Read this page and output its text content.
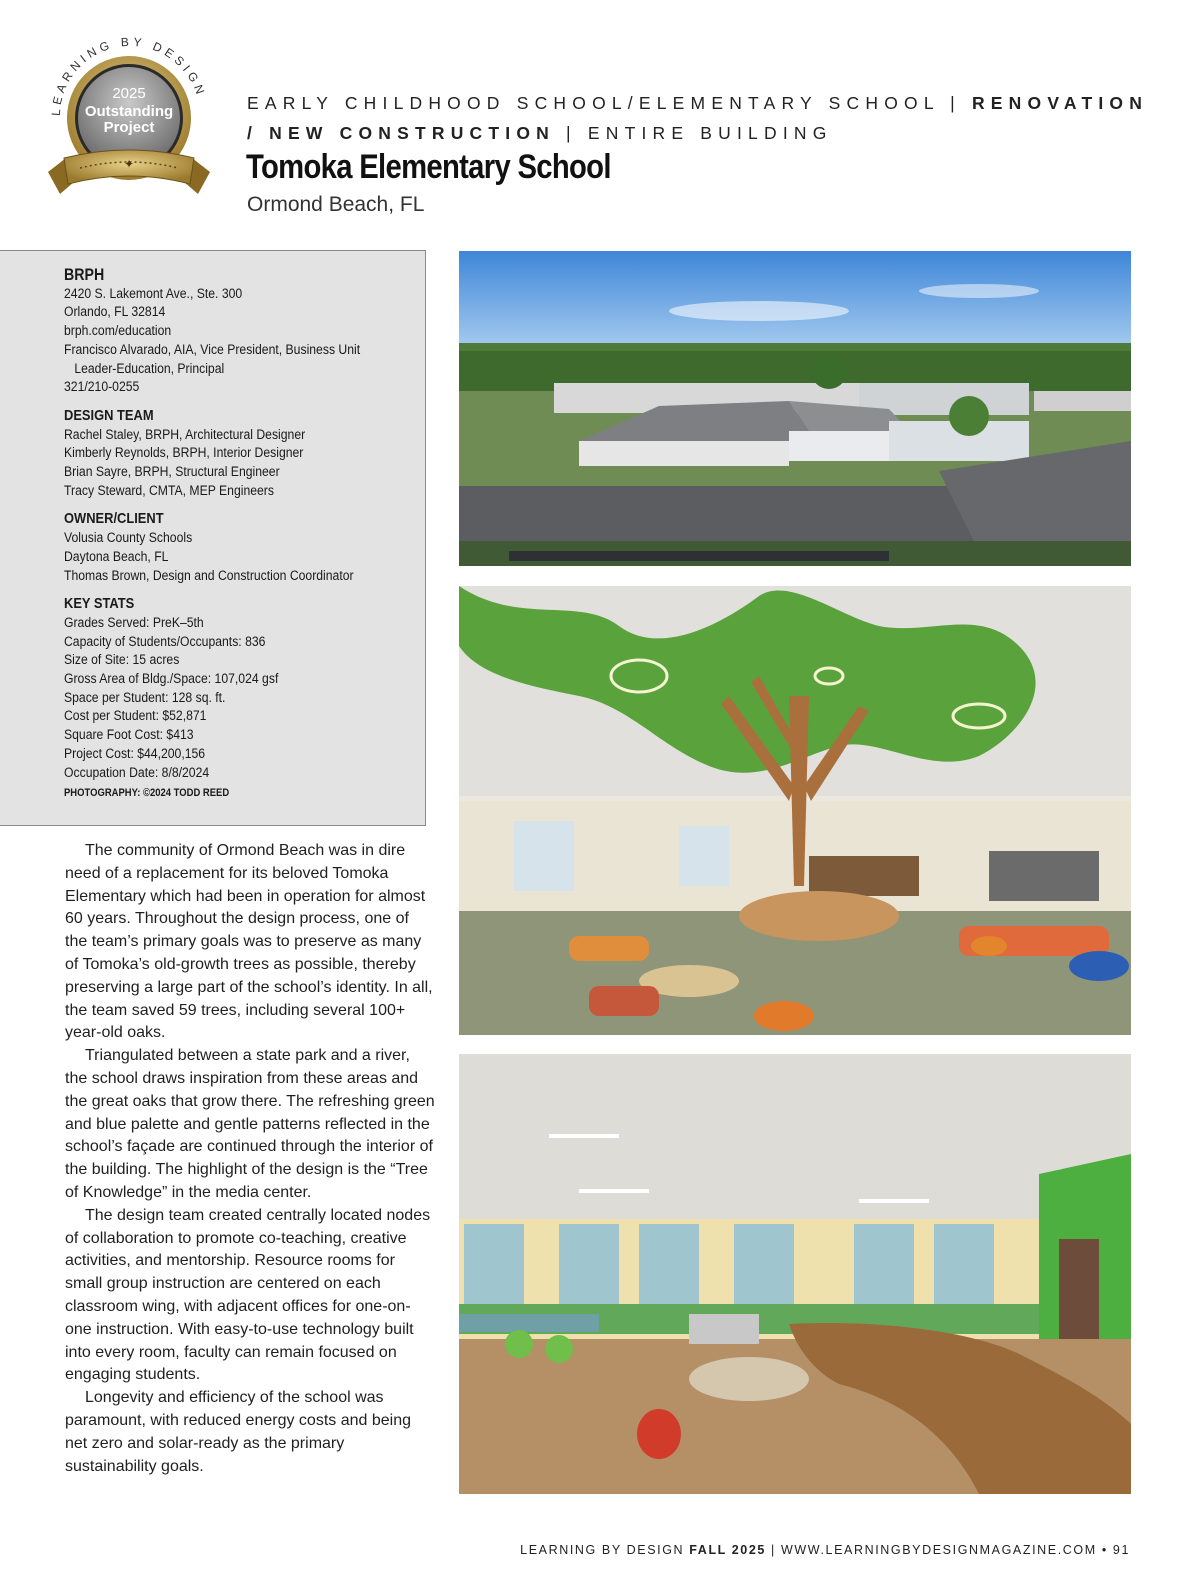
LEARNING BY DESIGN
2025
Outstanding
Project
✦
EARLY CHILDHOOD SCHOOL/ELEMENTARY SCHOOL | RENOVATION / NEW CONSTRUCTION | ENTIRE BUILDING
Tomoka Elementary School
Ormond Beach, FL
BRPH
2420 S. Lakemont Ave., Ste. 300
Orlando, FL 32814
brph.com/education
Francisco Alvarado, AIA, Vice President, Business Unit
Leader-Education, Principal
321/210-0255
DESIGN TEAM
Rachel Staley, BRPH, Architectural Designer
Kimberly Reynolds, BRPH, Interior Designer
Brian Sayre, BRPH, Structural Engineer
Tracy Steward, CMTA, MEP Engineers
OWNER/CLIENT
Volusia County Schools
Daytona Beach, FL
Thomas Brown, Design and Construction Coordinator
KEY STATS
Grades Served: PreK–5th
Capacity of Students/Occupants: 836
Size of Site: 15 acres
Gross Area of Bldg./Space: 107,024 gsf
Space per Student: 128 sq. ft.
Cost per Student: $52,871
Square Foot Cost: $413
Project Cost: $44,200,156
Occupation Date: 8/8/2024
PHOTOGRAPHY: ©2024 TODD REED

The community of Ormond Beach was in dire need of a replacement for its beloved Tomoka Elementary which had been in operation for almost 60 years. Throughout the design process, one of the team’s primary goals was to preserve as many of Tomoka’s old-growth trees as possible, thereby preserving a large part of the school’s identity. In all, the team saved 59 trees, including several 100+ year-old oaks.

Triangulated between a state park and a river, the school draws inspiration from these areas and the great oaks that grow there. The refreshing green and blue palette and gentle patterns reflected in the school’s façade are continued through the interior of the building. The highlight of the design is the “Tree of Knowledge” in the media center.

The design team created centrally located nodes of collaboration to promote co-teaching, creative activities, and mentorship. Resource rooms for small group instruction are centered on each classroom wing, with adjacent offices for one-on-one instruction. With easy-to-use technology built into every room, faculty can remain focused on engaging students.

Longevity and efficiency of the school was paramount, with reduced energy costs and being net zero and solar-ready as the primary sustainability goals.

LEARNING BY DESIGN FALL 2025 | WWW.LEARNINGBYDESIGNMAGAZINE.COM • 91
